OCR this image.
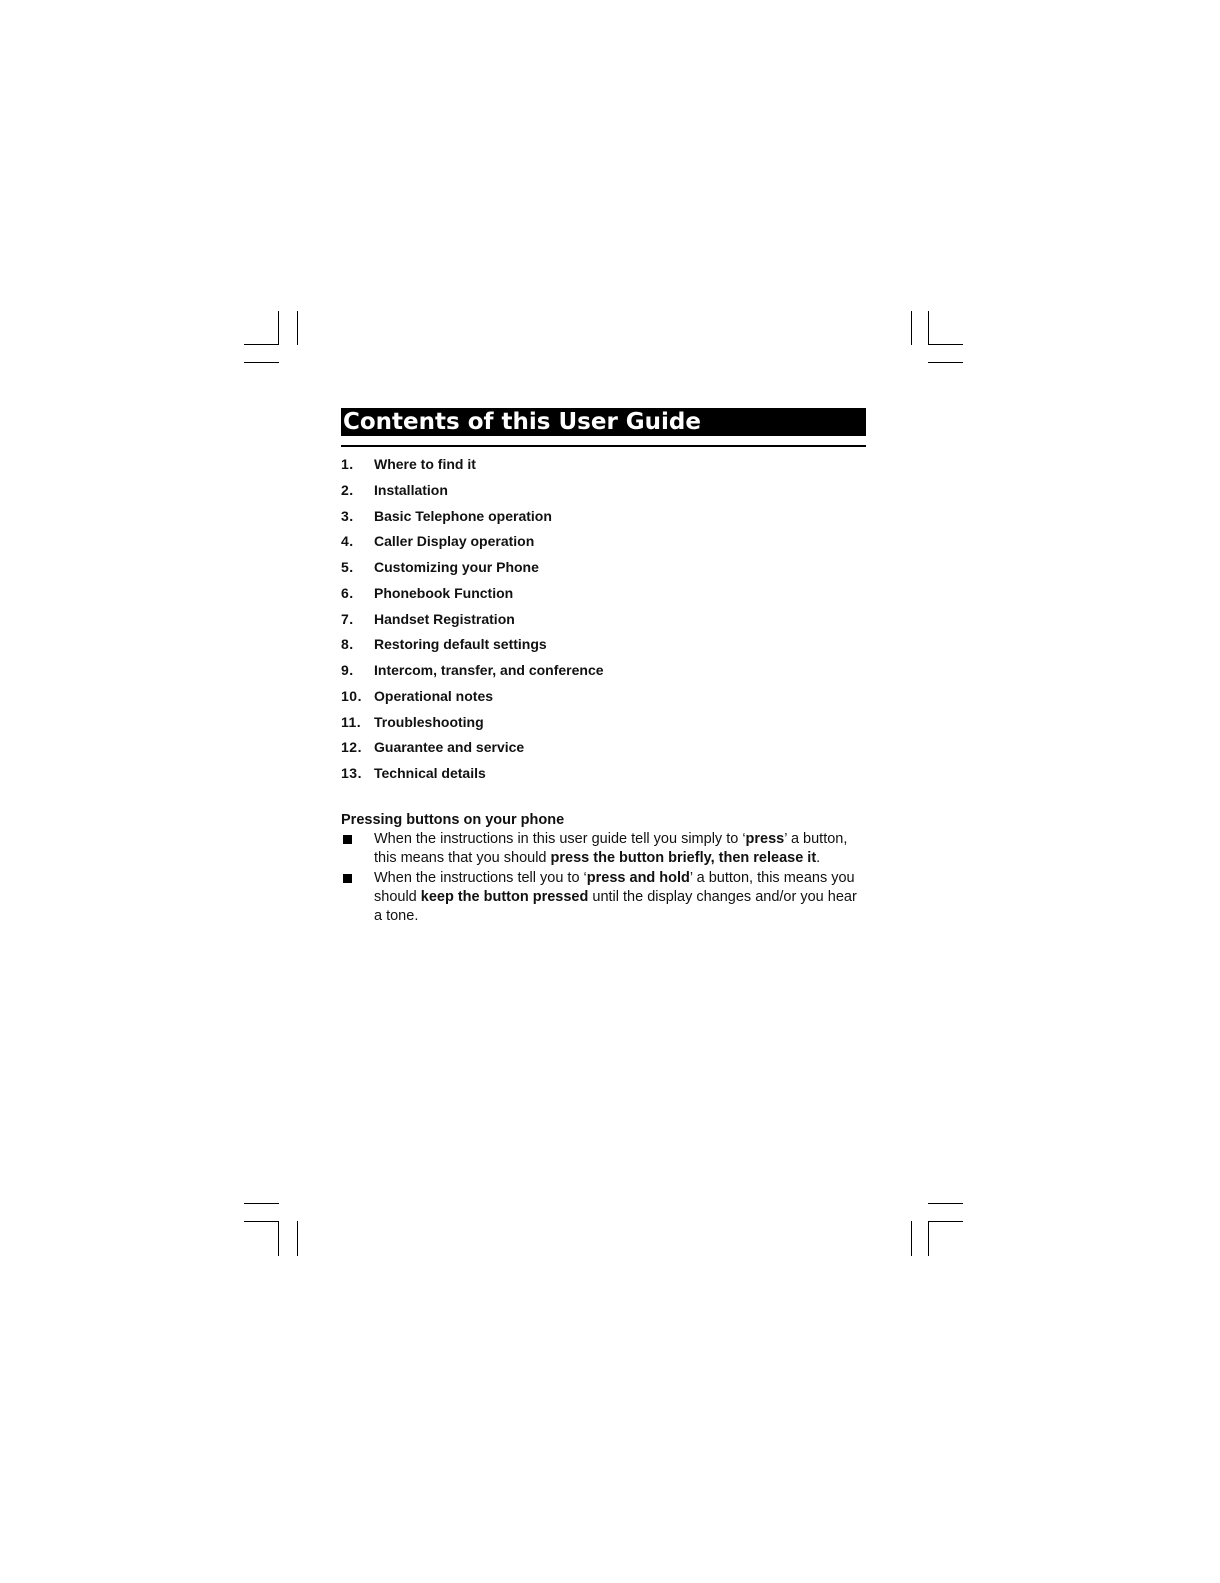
Contents of this User Guide
1. Where to find it
2. Installation
3. Basic Telephone operation
4. Caller Display operation
5. Customizing your Phone
6. Phonebook Function
7. Handset Registration
8. Restoring default settings
9. Intercom, transfer, and conference
10. Operational notes
11. Troubleshooting
12. Guarantee and service
13. Technical details

Pressing buttons on your phone

When the instructions in this user guide tell you simply to ‘press’ a button, this means that you should press the button briefly, then release it.

When the instructions tell you to ‘press and hold’ a button, this means you should keep the button pressed until the display changes and/or you hear a tone.
